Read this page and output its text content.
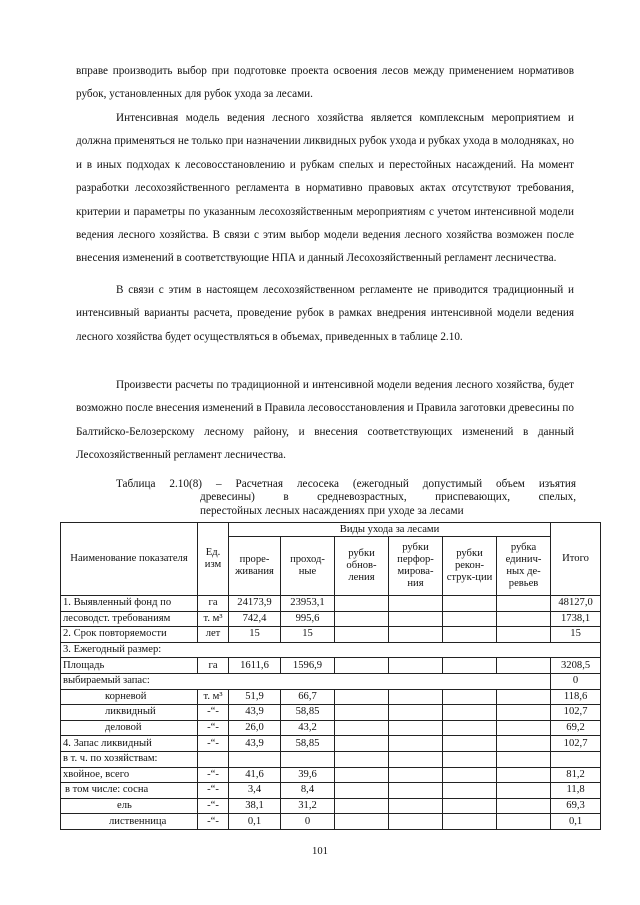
вправе производить выбор при подготовке проекта освоения лесов между применением нормативов рубок, установленных для рубок ухода за лесами.

Интенсивная модель ведения лесного хозяйства является комплексным мероприятием и должна применяться не только при назначении ликвидных рубок ухода и рубках ухода в молодняках, но и в иных подходах к лесовосстановлению и рубкам спелых и перестойных насаждений. На момент разработки лесохозяйственного регламента в нормативно правовых актах отсутствуют требования, критерии и параметры по указанным лесохозяйственным мероприятиям с учетом интенсивной модели ведения лесного хозяйства. В связи с этим выбор модели ведения лесного хозяйства возможен после внесения изменений в соответствующие НПА и данный Лесохозяйственный регламент лесничества.

В связи с этим в настоящем лесохозяйственном регламенте не приводится традиционный и интенсивный варианты расчета, проведение рубок в рамках внедрения интенсивной модели ведения лесного хозяйства будет осуществляться в объемах, приведенных в таблице 2.10.

Произвести расчеты по традиционной и интенсивной модели ведения лесного хозяйства, будет возможно после внесения изменений в Правила лесовосстановления и Правила заготовки древесины по Балтийско-Белозерскому лесному району, и внесения соответствующих изменений в данный Лесохозяйственный регламент лесничества.

Таблица 2.10(8) – Расчетная лесосека (ежегодный допустимый объем изъятия
древесины) в средневозрастных, приспевающих, спелых,
перестойных лесных насаждениях при уходе за лесами
Наименование показателя	Ед. изм	Виды ухода за лесами						Итого
		проре-живания	проход-ные	рубки обнов-ления	рубки перфор-мирова-ния	рубки рекон-струк-ции	рубка единич-ных де-ревьев	
1. Выявленный фонд по	га	24173,9	23953,1					48127,0
лесоводст. требованиям	т. м³	742,4	995,6					1738,1
2. Срок повторяемости	лет	15	15					15
3. Ежегодный размер:								
Площадь	га	1611,6	1596,9					3208,5
выбираемый запас:								0
корневой	т. м³	51,9	66,7					118,6
ликвидный	-“-	43,9	58,85					102,7
деловой	-“-	26,0	43,2					69,2
4. Запас ликвидный	-“-	43,9	58,85					102,7
в т. ч. по хозяйствам:								
хвойное, всего	-“-	41,6	39,6					81,2
в том числе: сосна	-“-	3,4	8,4					11,8
ель	-“-	38,1	31,2					69,3
лиственница	-“-	0,1	0					0,1
101
